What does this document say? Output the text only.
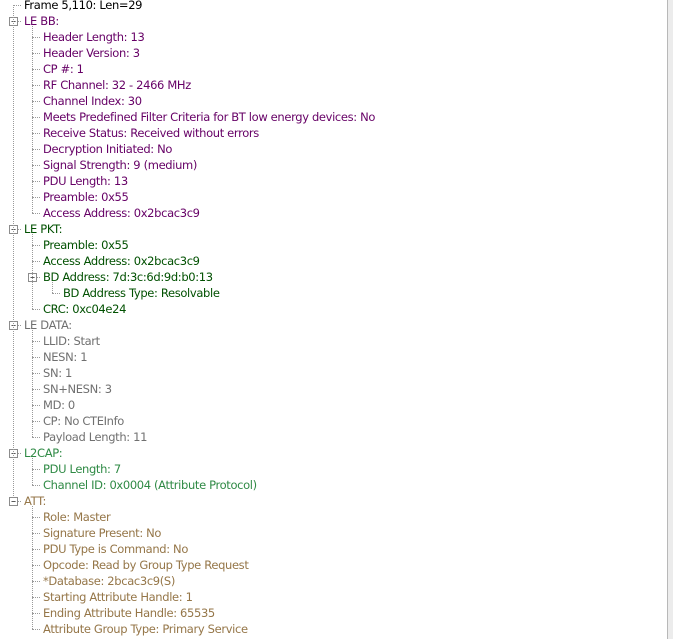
Frame 5,110: Len=29
− LE BB:
Header Length: 13
Header Version: 3
CP #: 1
RF Channel: 32 - 2466 MHz
Channel Index: 30
Meets Predefined Filter Criteria for BT low energy devices: No
Receive Status: Received without errors
Decryption Initiated: No
Signal Strength: 9 (medium)
PDU Length: 13
Preamble: 0x55
Access Address: 0x2bcac3c9
− LE PKT:
Preamble: 0x55
Access Address: 0x2bcac3c9
− BD Address: 7d:3c:6d:9d:b0:13
BD Address Type: Resolvable
CRC: 0xc04e24
− LE DATA:
LLID: Start
NESN: 1
SN: 1
SN+NESN: 3
MD: 0
CP: No CTEInfo
Payload Length: 11
− L2CAP:
PDU Length: 7
Channel ID: 0x0004 (Attribute Protocol)
− ATT:
Role: Master
Signature Present: No
PDU Type is Command: No
Opcode: Read by Group Type Request
*Database: 2bcac3c9(S)
Starting Attribute Handle: 1
Ending Attribute Handle: 65535
Attribute Group Type: Primary Service
